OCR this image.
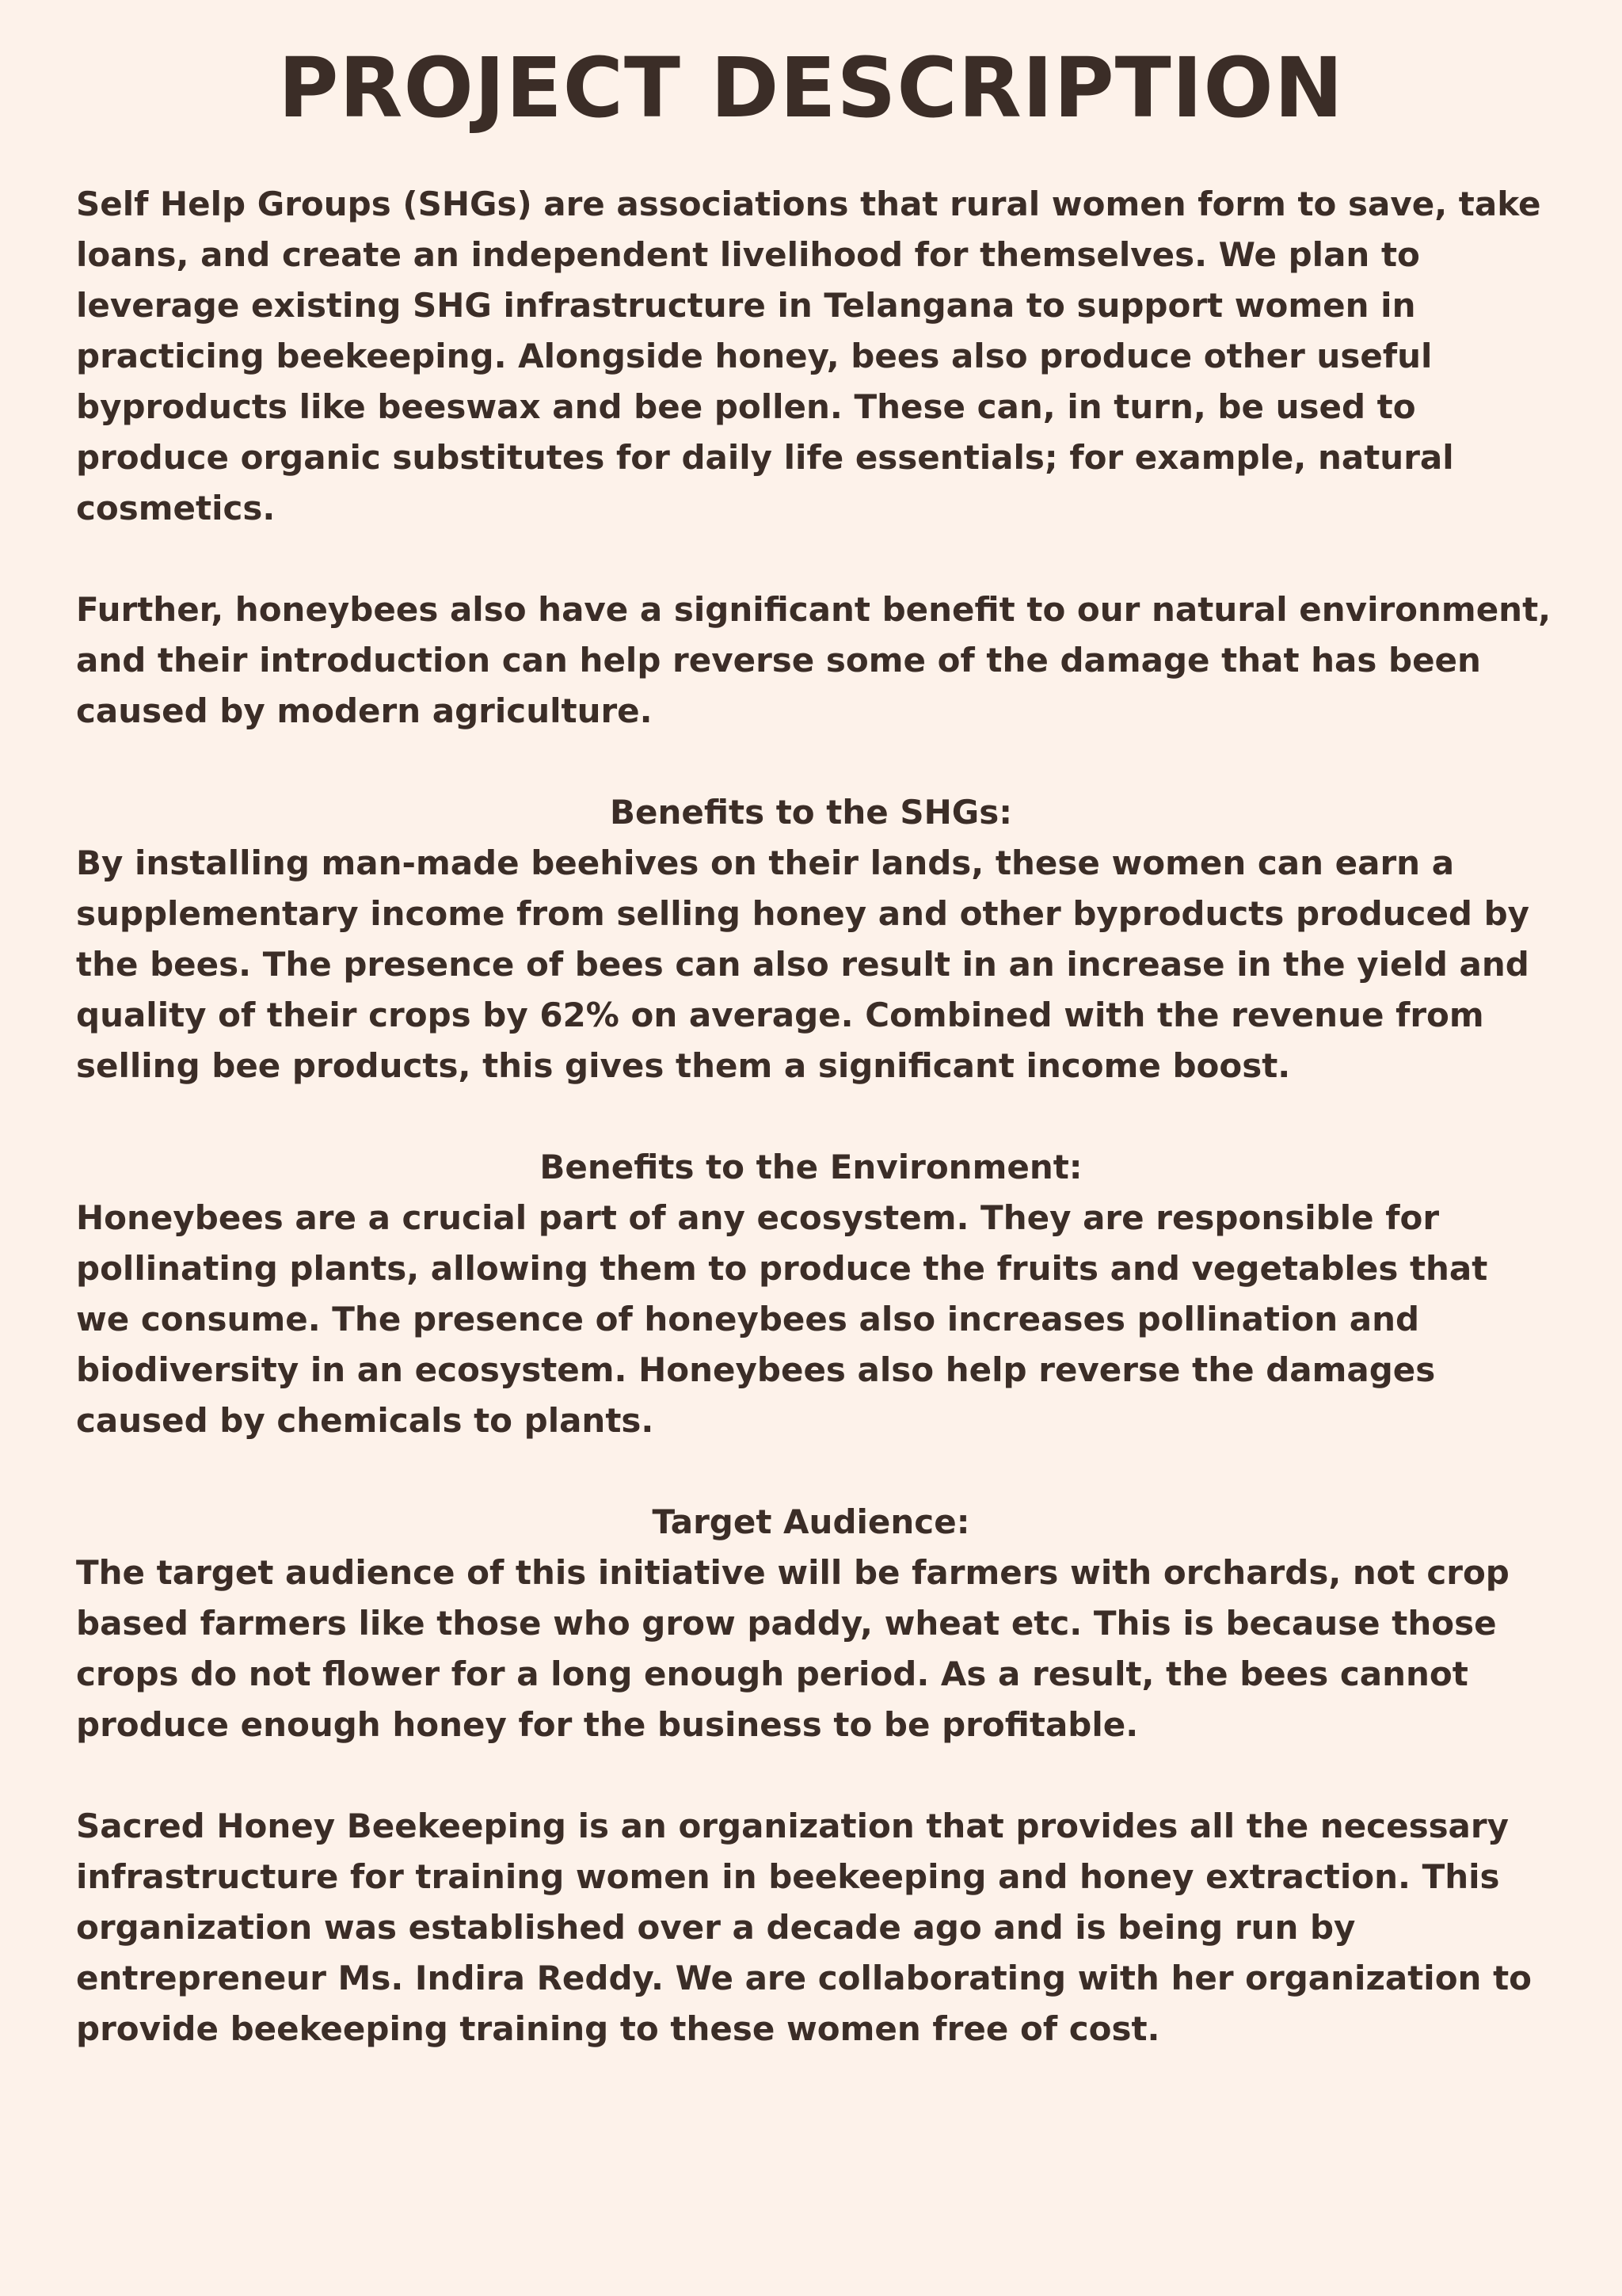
PROJECT DESCRIPTION
Self Help Groups (SHGs) are associations that rural women form to save, take
loans, and create an independent livelihood for themselves. We plan to
leverage existing SHG infrastructure in Telangana to support women in
practicing beekeeping. Alongside honey, bees also produce other useful
byproducts like beeswax and bee pollen. These can, in turn, be used to
produce organic substitutes for daily life essentials; for example, natural
cosmetics.
Further, honeybees also have a significant benefit to our natural environment,
and their introduction can help reverse some of the damage that has been
caused by modern agriculture.
Benefits to the SHGs:
By installing man-made beehives on their lands, these women can earn a
supplementary income from selling honey and other byproducts produced by
the bees. The presence of bees can also result in an increase in the yield and
quality of their crops by 62% on average. Combined with the revenue from
selling bee products, this gives them a significant income boost.
Benefits to the Environment:
Honeybees are a crucial part of any ecosystem. They are responsible for
pollinating plants, allowing them to produce the fruits and vegetables that
we consume. The presence of honeybees also increases pollination and
biodiversity in an ecosystem. Honeybees also help reverse the damages
caused by chemicals to plants.
Target Audience:
The target audience of this initiative will be farmers with orchards, not crop
based farmers like those who grow paddy, wheat etc. This is because those
crops do not flower for a long enough period. As a result, the bees cannot
produce enough honey for the business to be profitable.
Sacred Honey Beekeeping is an organization that provides all the necessary
infrastructure for training women in beekeeping and honey extraction. This
organization was established over a decade ago and is being run by
entrepreneur Ms. Indira Reddy. We are collaborating with her organization to
provide beekeeping training to these women free of cost.
